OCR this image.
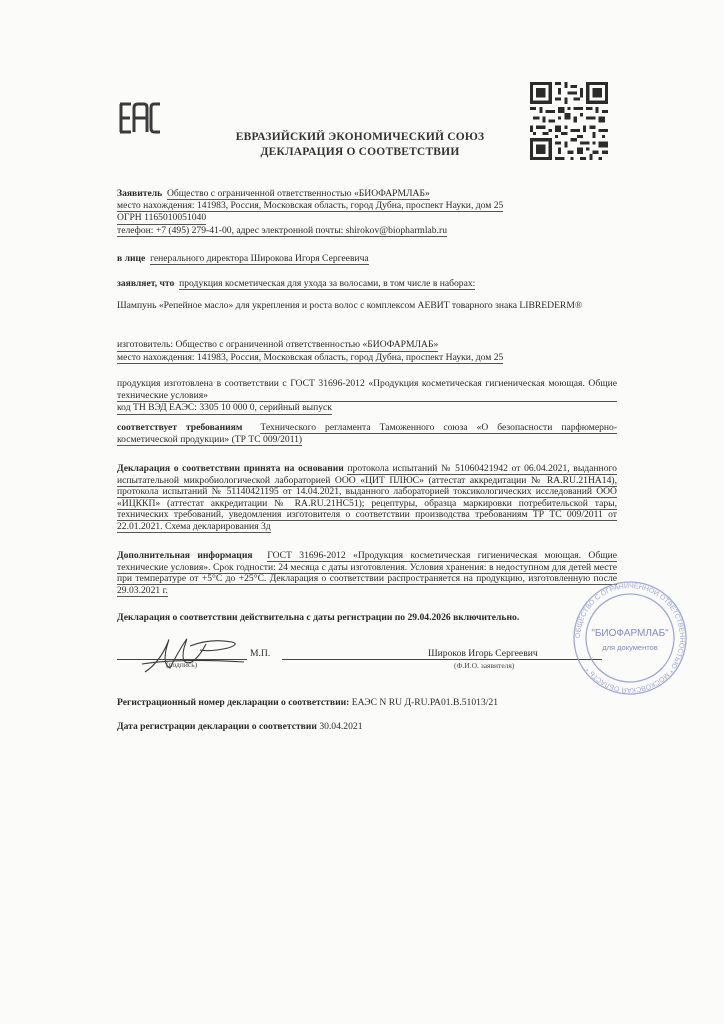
ЕВРАЗИЙСКИЙ ЭКОНОМИЧЕСКИЙ СОЮЗ
ДЕКЛАРАЦИЯ О СООТВЕТСТВИИ
Заявитель Общество с ограниченной ответственностью «БИОФАРМЛАБ»
место нахождения: 141983, Россия, Московская область, город Дубна, проспект Науки, дом 25
ОГРН 1165010051040
телефон: +7 (495) 279-41-00, адрес электронной почты: shirokov@biopharmlab.ru
в лице генерального директора Широкова Игоря Сергеевича
заявляет, что продукция косметическая для ухода за волосами, в том числе в наборах:
Шампунь «Репейное масло» для укрепления и роста волос с комплексом АЕВИТ товарного знака LIBREDERM®
изготовитель: Общество с ограниченной ответственностью «БИОФАРМЛАБ»
место нахождения: 141983, Россия, Московская область, город Дубна, проспект Науки, дом 25
продукция изготовлена в соответствии с ГОСТ 31696-2012 «Продукция косметическая гигиеническая моющая. Общие технические условия»
код ТН ВЭД ЕАЭС: 3305 10 000 0, серийный выпуск
соответствует требованиям Технического регламента Таможенного союза «О безопасности парфюмерно-косметической продукции» (ТР ТС 009/2011)
Декларация о соответствии принята на основании протокола испытаний № 51060421942 от 06.04.2021, выданного испытательной микробиологической лабораторией ООО «ЦИТ ПЛЮС» (аттестат аккредитации № RA.RU.21НА14), протокола испытаний № 51140421195 от 14.04.2021, выданного лабораторией токсикологических исследований ООО «ИЦККП» (аттестат аккредитации № RA.RU.21НС51); рецептуры, образца маркировки потребительской тары, технических требований, уведомления изготовителя о соответствии производства требованиям ТР ТС 009/2011 от 22.01.2021. Схема декларирования 3д
Дополнительная информация ГОСТ 31696-2012 «Продукция косметическая гигиеническая моющая. Общие технические условия». Срок годности: 24 месяца с даты изготовления. Условия хранения: в недоступном для детей месте при температуре от +5°С до +25°С. Декларация о соответствии распространяется на продукцию, изготовленную после 29.03.2021 г.
Декларация о соответствии действительна с даты регистрации по 29.04.2026 включительно.
(подпись)
М.П.	Широков Игорь Сергеевич
(Ф.И.О. заявителя)
ОБЩЕСТВО С ОГРАНИЧЕННОЙ ОТВЕТСТВЕННОСТЬЮ * МОСКОВСКАЯ ОБЛАСТЬ *
"БИОФАРМЛАБ"
для документов
Регистрационный номер декларации о соответствии: ЕАЭС N RU Д-RU.РА01.В.51013/21
Дата регистрации декларации о соответствии 30.04.2021
